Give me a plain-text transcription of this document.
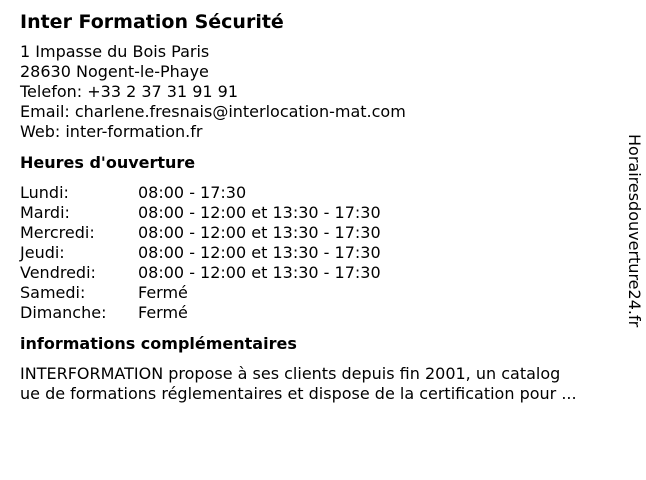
Inter Formation Sécurité
1 Impasse du Bois Paris
28630 Nogent-le-Phaye
Telefon: +33 2 37 31 91 91
Email: charlene.fresnais@interlocation-mat.com
Web: inter-formation.fr
Heures d'ouverture
Lundi:	08:00 - 17:30
Mardi:	08:00 - 12:00 et 13:30 - 17:30
Mercredi:	08:00 - 12:00 et 13:30 - 17:30
Jeudi:	08:00 - 12:00 et 13:30 - 17:30
Vendredi:	08:00 - 12:00 et 13:30 - 17:30
Samedi:	Fermé
Dimanche:	Fermé
informations complémentaires
INTERFORMATION propose à ses clients depuis fin 2001, un catalog
ue de formations réglementaires et dispose de la certification pour ...
Horairesdouverture24.fr
